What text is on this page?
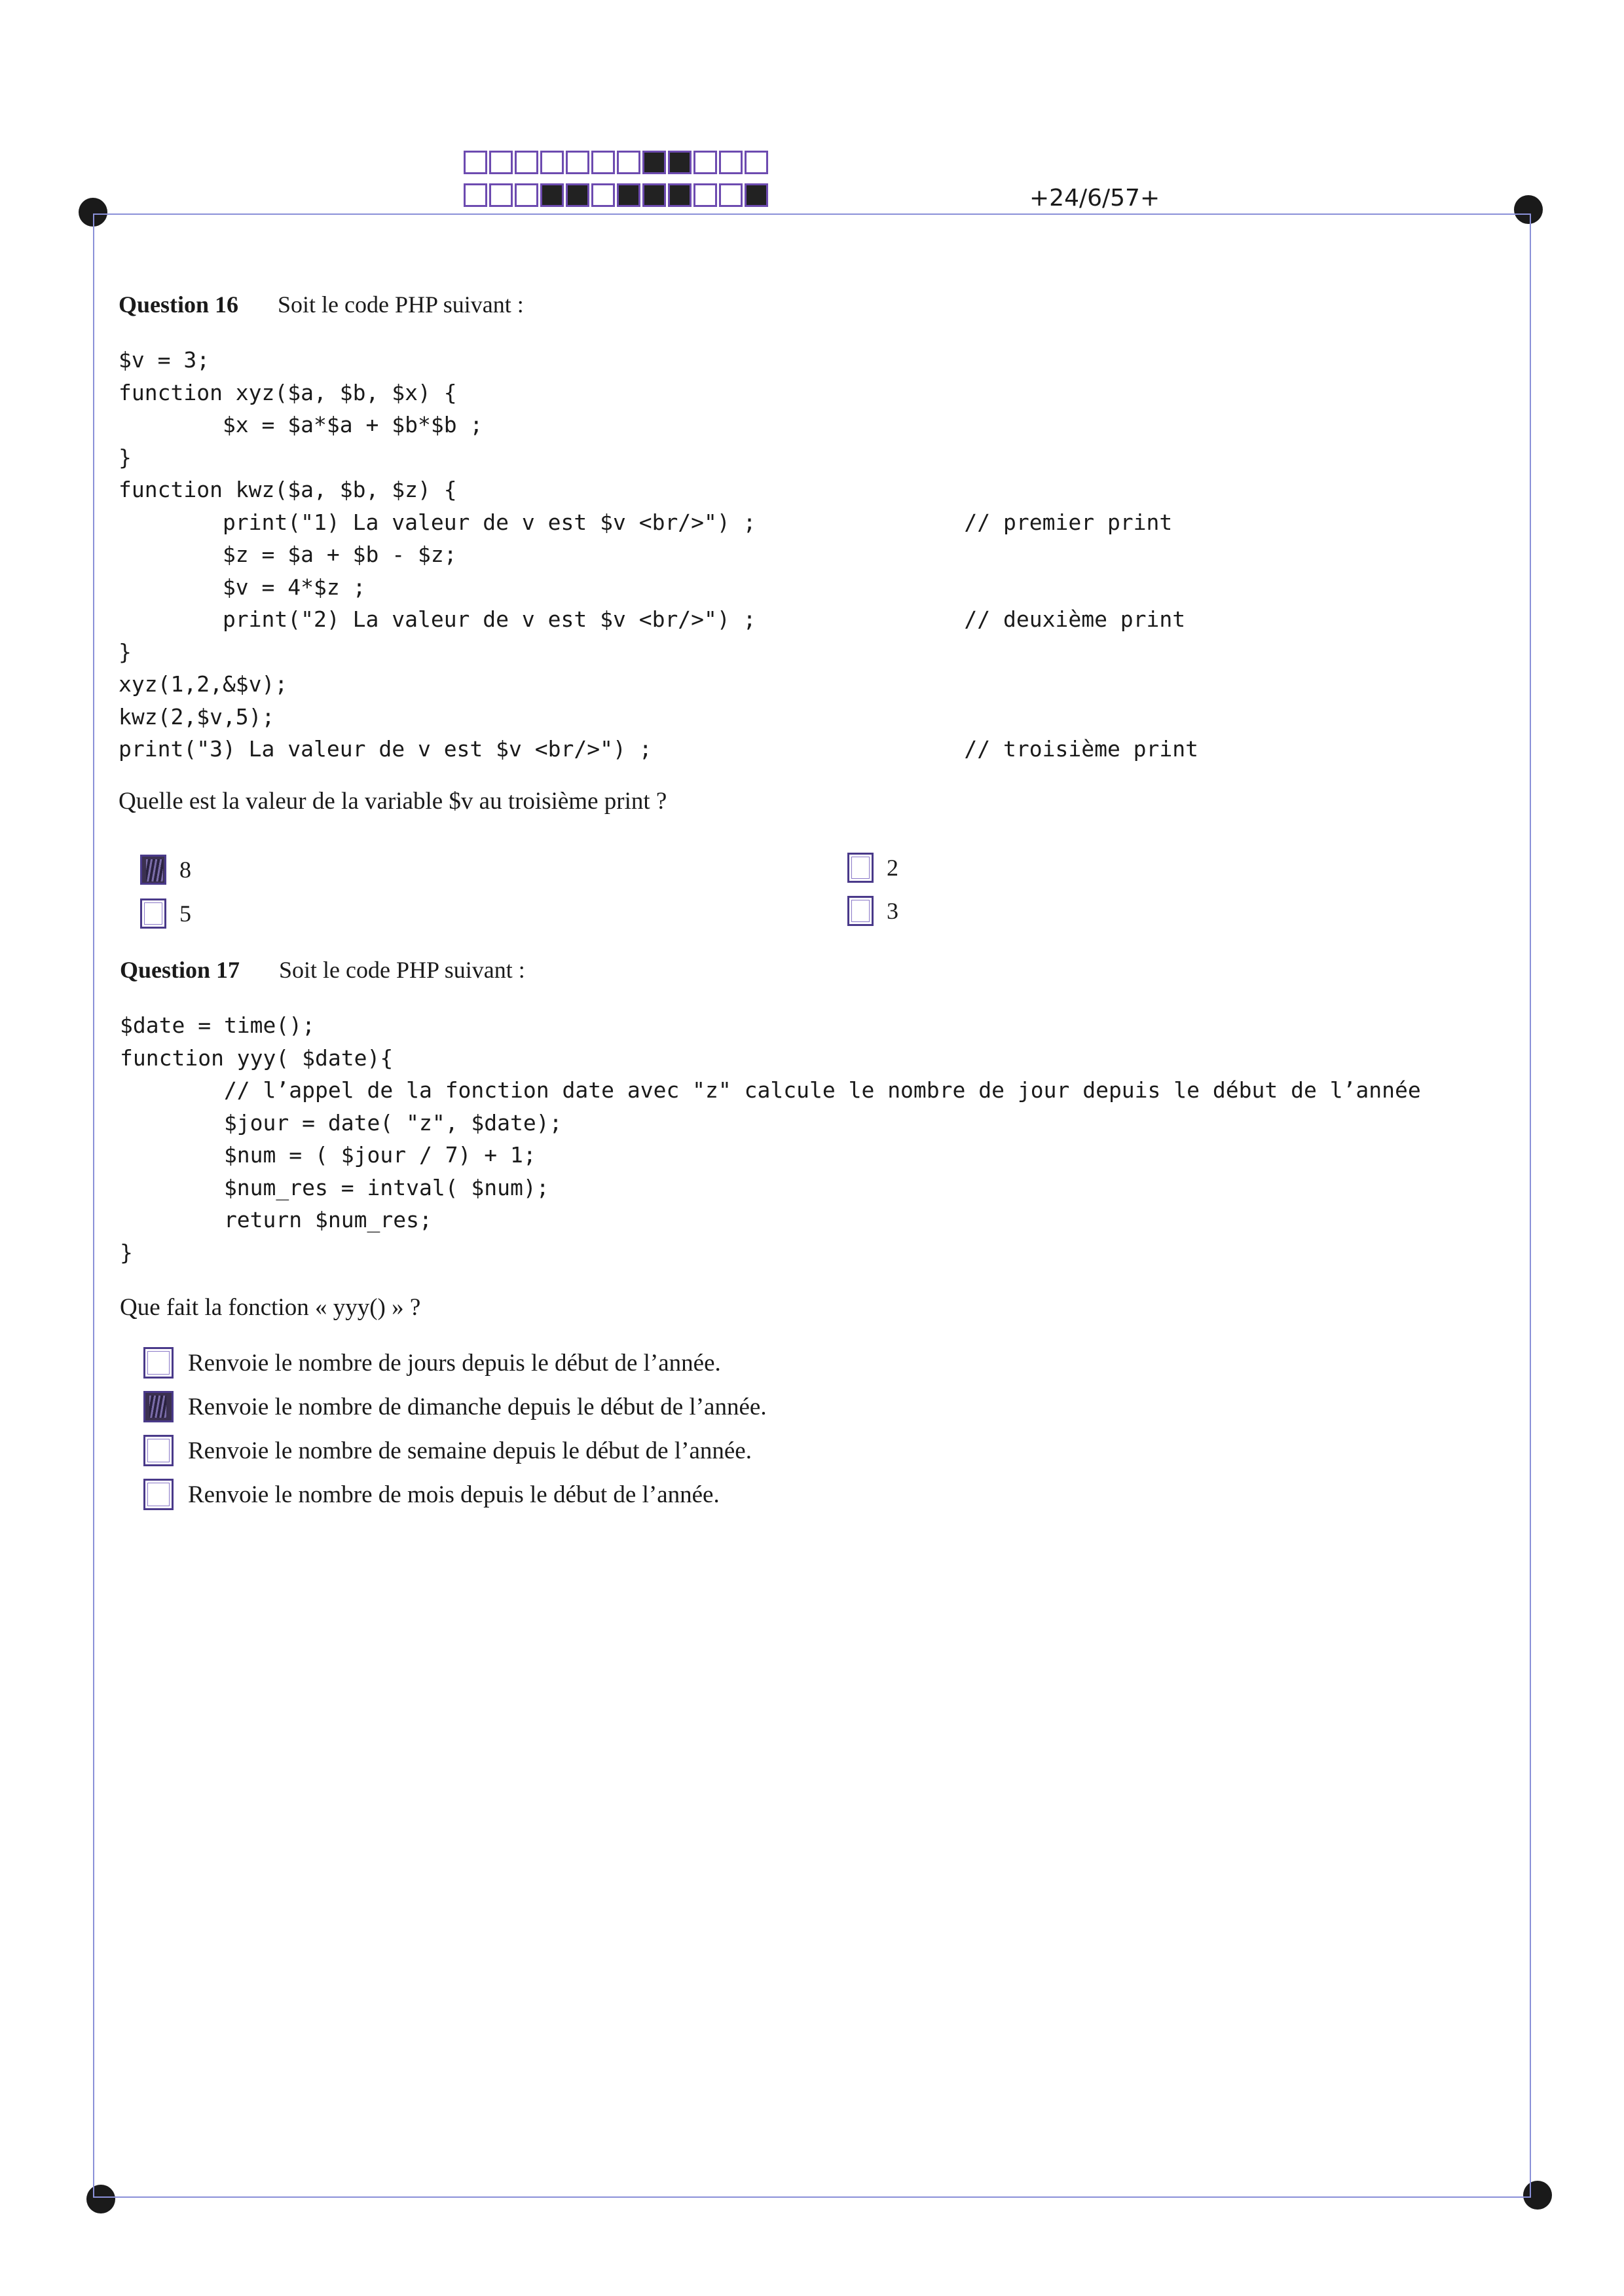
+24/6/57+
Question 16 Soit le code PHP suivant :
$v = 3;
function xyz($a, $b, $x) {
$x = $a*$a + $b*$b ;
}
function kwz($a, $b, $z) {
print("1) La valeur de v est $v <br/>") ;                // premier print
$z = $a + $b - $z;
$v = 4*$z ;
print("2) La valeur de v est $v <br/>") ;                // deuxième print
}
xyz(1,2,&$v);
kwz(2,$v,5);
print("3) La valeur de v est $v <br/>") ;                        // troisième print
Quelle est la valeur de la variable $v au troisième print ?
8
5
2
3
Question 17 Soit le code PHP suivant :
$date = time();
function yyy( $date){
// l’appel de la fonction date avec "z" calcule le nombre de jour depuis le début de l’année
$jour = date( "z", $date);
$num = ( $jour / 7) + 1;
$num_res = intval( $num);
return $num_res;
}
Que fait la fonction « yyy() » ?
Renvoie le nombre de jours depuis le début de l’année.
Renvoie le nombre de dimanche depuis le début de l’année.
Renvoie le nombre de semaine depuis le début de l’année.
Renvoie le nombre de mois depuis le début de l’année.
